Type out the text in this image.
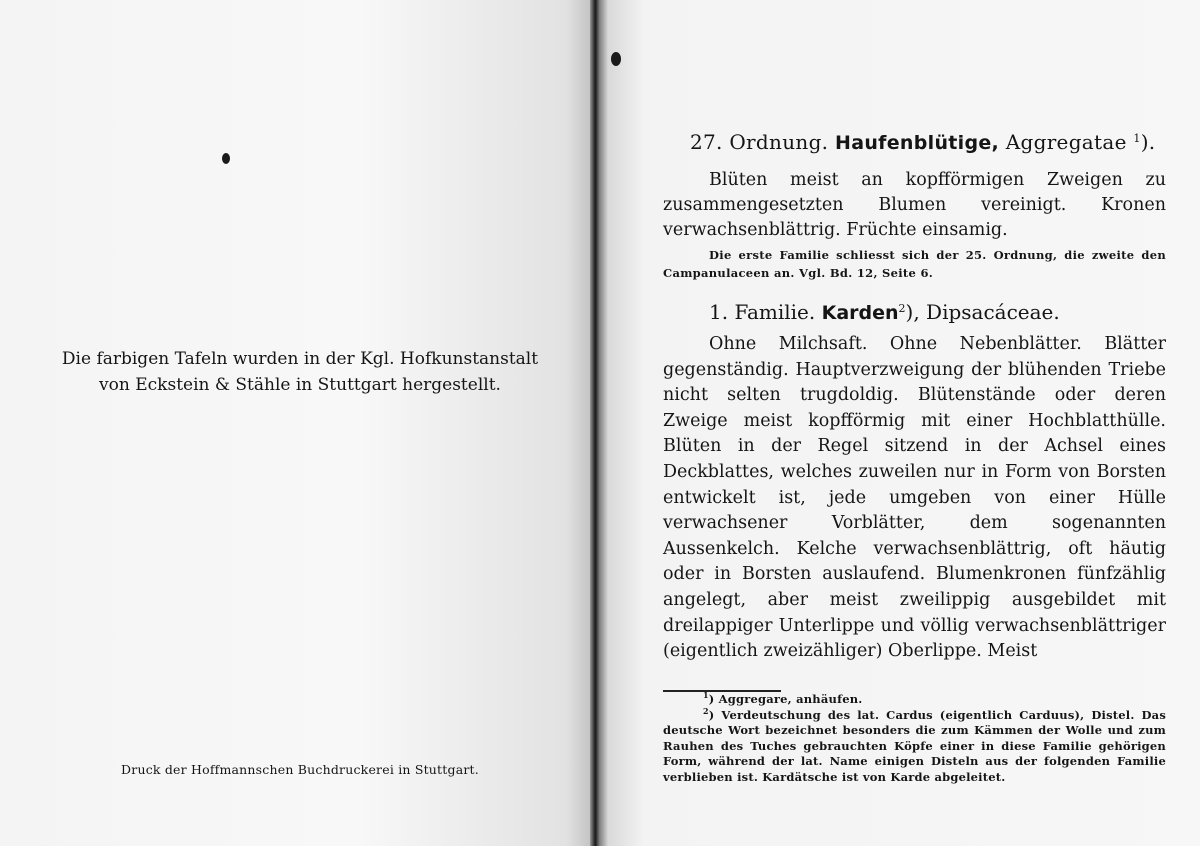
Die farbigen Tafeln wurden in der Kgl. Hofkunstanstalt
von Eckstein & Stähle in Stuttgart hergestellt.
Druck der Hoffmannschen Buchdruckerei in Stuttgart.
27. Ordnung. Haufenblütige, Aggregatae $^1$).
Blüten meist an kopfförmigen Zweigen zu zusammengesetzten Blumen vereinigt. Kronen verwachsenblättrig. Früchte einsamig.
Die erste Familie schliesst sich der 25. Ordnung, die zweite den Campanulaceen an. Vgl. Bd. 12, Seite 6.
1. Familie. Karden$^2$), Dipsacáceae.
Ohne Milchsaft. Ohne Nebenblätter. Blätter gegenständig. Hauptverzweigung der blühenden Triebe nicht selten trugdoldig. Blütenstände oder deren Zweige meist kopfförmig mit einer Hochblatthülle. Blüten in der Regel sitzend in der Achsel eines Deckblattes, welches zuweilen nur in Form von Borsten entwickelt ist, jede umgeben von einer Hülle verwachsener Vorblätter, dem sogenannten Aussenkelch. Kelche verwachsenblättrig, oft häutig oder in Borsten auslaufend. Blumenkronen fünfzählig angelegt, aber meist zweilippig ausgebildet mit dreilappiger Unterlippe und völlig verwachsenblättriger (eigentlich zweizähliger) Oberlippe. Meist
$^1$) Aggregare, anhäufen.
$^2$) Verdeutschung des lat. Cardus (eigentlich Carduus), Distel. Das deutsche Wort bezeichnet besonders die zum Kämmen der Wolle und zum Rauhen des Tuches gebrauchten Köpfe einer in diese Familie gehörigen Form, während der lat. Name einigen Disteln aus der folgenden Familie verblieben ist. Kardätsche ist von Karde abgeleitet.
